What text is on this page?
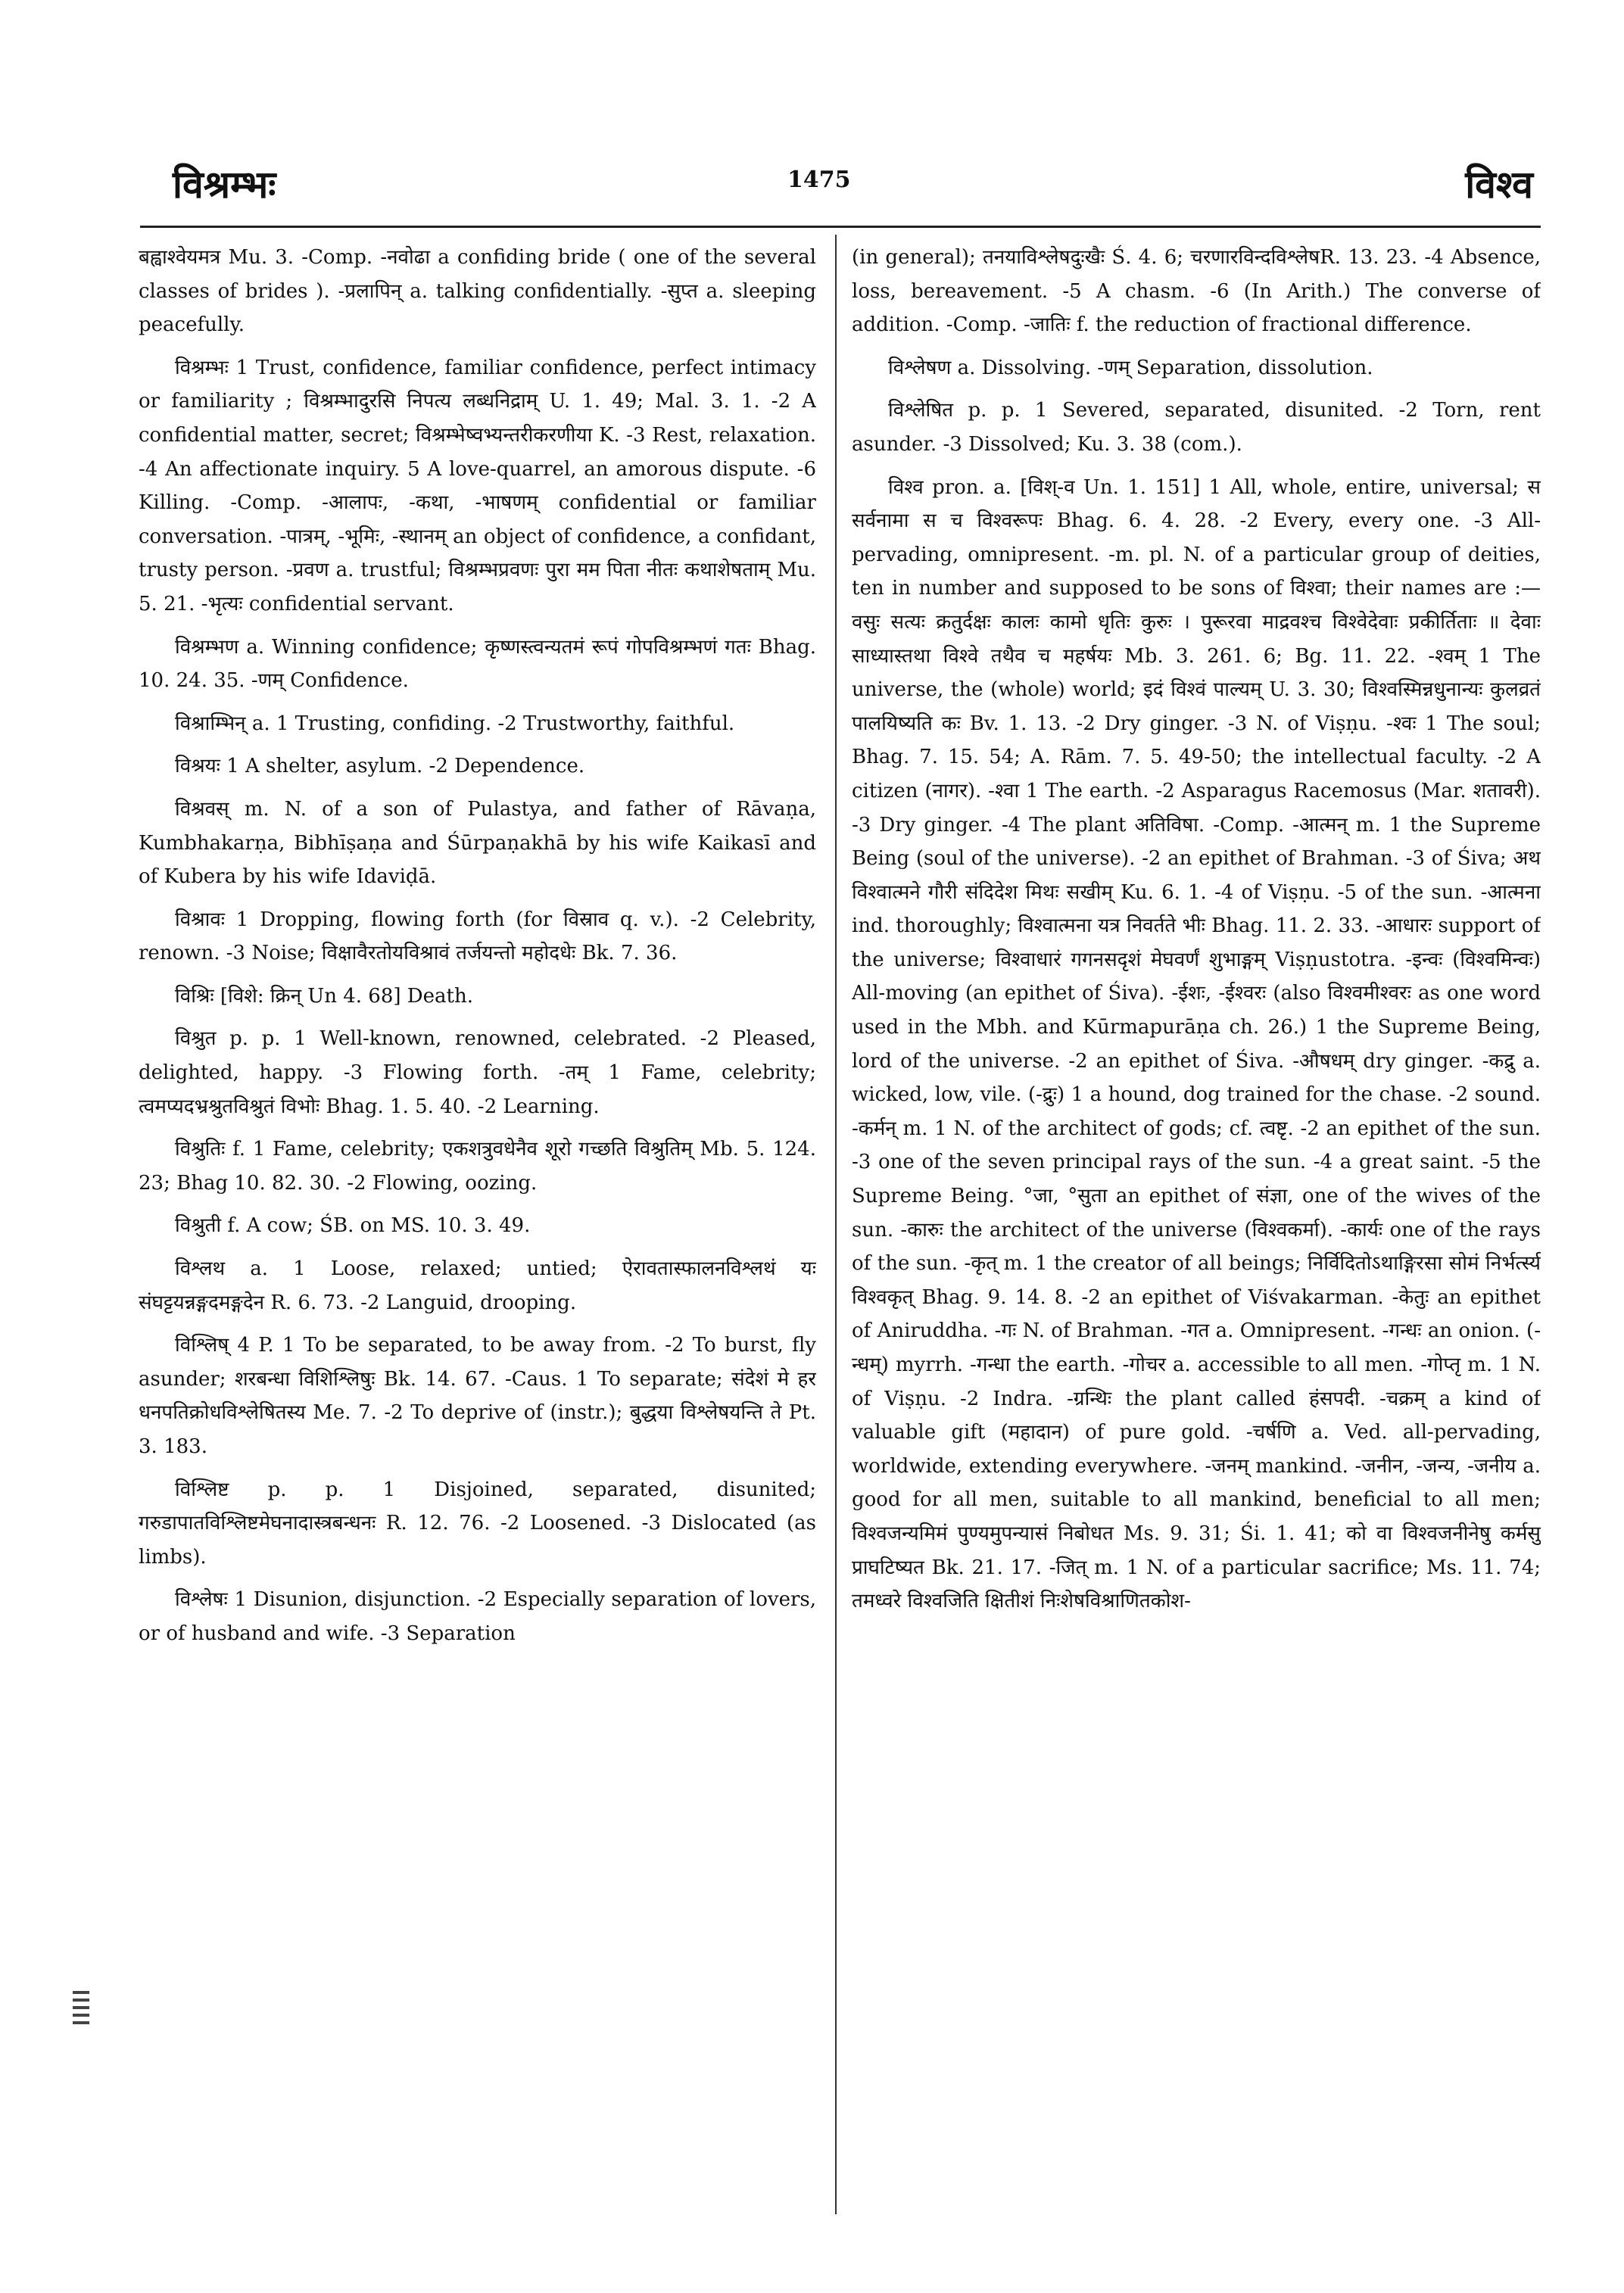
विश्रम्भः	1475	विश्व

बह्वाश्वेयमत्र Mu. 3. -Comp. -नवोढा a confiding bride ( one of the several classes of brides ). -प्रलापिन् a. talking confidentially. -सुप्त a. sleeping peacefully.

विश्रम्भः 1 Trust, confidence, familiar confidence, perfect intimacy or familiarity ; विश्रम्भादुरसि निपत्य लब्धनिद्राम् U. 1. 49; Mal. 3. 1. -2 A confidential matter, secret; विश्रम्भेष्वभ्यन्तरीकरणीया K. -3 Rest, relaxation. -4 An affectionate inquiry. 5 A love-quarrel, an amorous dispute. -6 Killing. -Comp. -आलापः, -कथा, -भाषणम् confidential or familiar conversation. -पात्रम्, -भूमिः, -स्थानम् an object of confidence, a confidant, trusty person. -प्रवण a. trustful; विश्रम्भप्रवणः पुरा मम पिता नीतः कथाशेषताम् Mu. 5. 21. -भृत्यः confidential servant.

विश्रम्भण a. Winning confidence; कृष्णस्त्वन्यतमं रूपं गोपविश्रम्भणं गतः Bhag. 10. 24. 35. -णम् Confidence.

विश्राम्भिन् a. 1 Trusting, confiding. -2 Trustworthy, faithful.

विश्रयः 1 A shelter, asylum. -2 Dependence.

विश्रवस् m. N. of a son of Pulastya, and father of Rāvaṇa, Kumbhakarṇa, Bibhīṣaṇa and Śūrpaṇakhā by his wife Kaikasī and of Kubera by his wife Idaviḍā.

विश्रावः 1 Dropping, flowing forth (for विस्राव q. v.). -2 Celebrity, renown. -3 Noise; विक्षावैरतोयविश्रावं तर्जयन्तो महोदधेः Bk. 7. 36.

विश्रिः [विशे: क्रिन् Un 4. 68] Death.

विश्रुत p. p. 1 Well-known, renowned, celebrated. -2 Pleased, delighted, happy. -3 Flowing forth. -तम् 1 Fame, celebrity; त्वमप्यदभ्रश्रुतविश्रुतं विभोः Bhag. 1. 5. 40. -2 Learning.

विश्रुतिः f. 1 Fame, celebrity; एकशत्रुवधेनैव शूरो गच्छति विश्रुतिम् Mb. 5. 124. 23; Bhag 10. 82. 30. -2 Flowing, oozing.

विश्रुती f. A cow; ŚB. on MS. 10. 3. 49.

विश्लथ a. 1 Loose, relaxed; untied; ऐरावतास्फालनविश्लथं यः संघट्टयन्नङ्गदमङ्गदेन R. 6. 73. -2 Languid, drooping.

विश्लिष् 4 P. 1 To be separated, to be away from. -2 To burst, fly asunder; शरबन्धा विशिश्लिषुः Bk. 14. 67. -Caus. 1 To separate; संदेशं मे हर धनपतिक्रोधविश्लेषितस्य Me. 7. -2 To deprive of (instr.); बुद्धया विश्लेषयन्ति ते Pt. 3. 183.

विश्लिष्ट p. p. 1 Disjoined, separated, disunited; गरुडापातविश्लिष्टमेघनादास्त्रबन्धनः R. 12. 76. -2 Loosened. -3 Dislocated (as limbs).

विश्लेषः 1 Disunion, disjunction. -2 Especially separation of lovers, or of husband and wife. -3 Separation

(in general); तनयाविश्लेषदुःखैः Ś. 4. 6; चरणारविन्दविश्लेषR. 13. 23. -4 Absence, loss, bereavement. -5 A chasm. -6 (In Arith.) The converse of addition. -Comp. -जातिः f. the reduction of fractional difference.

विश्लेषण a. Dissolving. -णम् Separation, dissolution.

विश्लेषित p. p. 1 Severed, separated, disunited. -2 Torn, rent asunder. -3 Dissolved; Ku. 3. 38 (com.).

विश्व pron. a. [विश्-व Un. 1. 151] 1 All, whole, entire, universal; स सर्वनामा स च विश्वरूपः Bhag. 6. 4. 28. -2 Every, every one. -3 All-pervading, omnipresent. -m. pl. N. of a particular group of deities, ten in number and supposed to be sons of विश्वा; their names are :— वसुः सत्यः क्रतुर्दक्षः कालः कामो धृतिः कुरुः । पुरूरवा माद्रवश्च विश्वेदेवाः प्रकीर्तिताः ॥ देवाः साध्यास्तथा विश्वे तथैव च महर्षयः Mb. 3. 261. 6; Bg. 11. 22. -श्वम् 1 The universe, the (whole) world; इदं विश्वं पाल्यम् U. 3. 30; विश्वस्मिन्नधुनान्यः कुलव्रतं पालयिष्यति कः Bv. 1. 13. -2 Dry ginger. -3 N. of Viṣṇu. -श्वः 1 The soul; Bhag. 7. 15. 54; A. Rām. 7. 5. 49-50; the intellectual faculty. -2 A citizen (नागर). -श्वा 1 The earth. -2 Asparagus Racemosus (Mar. शतावरी). -3 Dry ginger. -4 The plant अतिविषा. -Comp. -आत्मन् m. 1 the Supreme Being (soul of the universe). -2 an epithet of Brahman. -3 of Śiva; अथ विश्वात्मने गौरी संदिदेश मिथः सखीम् Ku. 6. 1. -4 of Viṣṇu. -5 of the sun. -आत्मना ind. thoroughly; विश्वात्मना यत्र निवर्तते भीः Bhag. 11. 2. 33. -आधारः support of the universe; विश्वाधारं गगनसदृशं मेघवर्णं शुभाङ्गम् Viṣṇustotra. -इन्वः (विश्वमिन्वः) All-moving (an epithet of Śiva). -ईशः, -ईश्वरः (also विश्वमीश्वरः as one word used in the Mbh. and Kūrmapurāṇa ch. 26.) 1 the Supreme Being, lord of the universe. -2 an epithet of Śiva. -औषधम् dry ginger. -कद्रु a. wicked, low, vile. (-द्रुः) 1 a hound, dog trained for the chase. -2 sound. -कर्मन् m. 1 N. of the architect of gods; cf. त्वष्टृ. -2 an epithet of the sun. -3 one of the seven principal rays of the sun. -4 a great saint. -5 the Supreme Being. °जा, °सुता an epithet of संज्ञा, one of the wives of the sun. -कारुः the architect of the universe (विश्वकर्मा). -कार्यः one of the rays of the sun. -कृत् m. 1 the creator of all beings; निर्विदितोऽथाङ्गिरसा सोमं निर्भर्त्स्य विश्वकृत् Bhag. 9. 14. 8. -2 an epithet of Viśvakarman. -केतुः an epithet of Aniruddha. -गः N. of Brahman. -गत a. Omnipresent. -गन्धः an onion. (-न्धम्) myrrh. -गन्धा the earth. -गोचर a. accessible to all men. -गोप्तृ m. 1 N. of Viṣṇu. -2 Indra. -ग्रन्थिः the plant called हंसपदी. -चक्रम् a kind of valuable gift (महादान) of pure gold. -चर्षणि a. Ved. all-pervading, worldwide, extending everywhere. -जनम् mankind. -जनीन, -जन्य, -जनीय a. good for all men, suitable to all mankind, beneficial to all men; विश्वजन्यमिमं पुण्यमुपन्यासं निबोधत Ms. 9. 31; Śi. 1. 41; को वा विश्वजनीनेषु कर्मसु प्राघटिष्यत Bk. 21. 17. -जित् m. 1 N. of a particular sacrifice; Ms. 11. 74; तमध्वरे विश्वजिति क्षितीशं निःशेषविश्राणितकोश-
